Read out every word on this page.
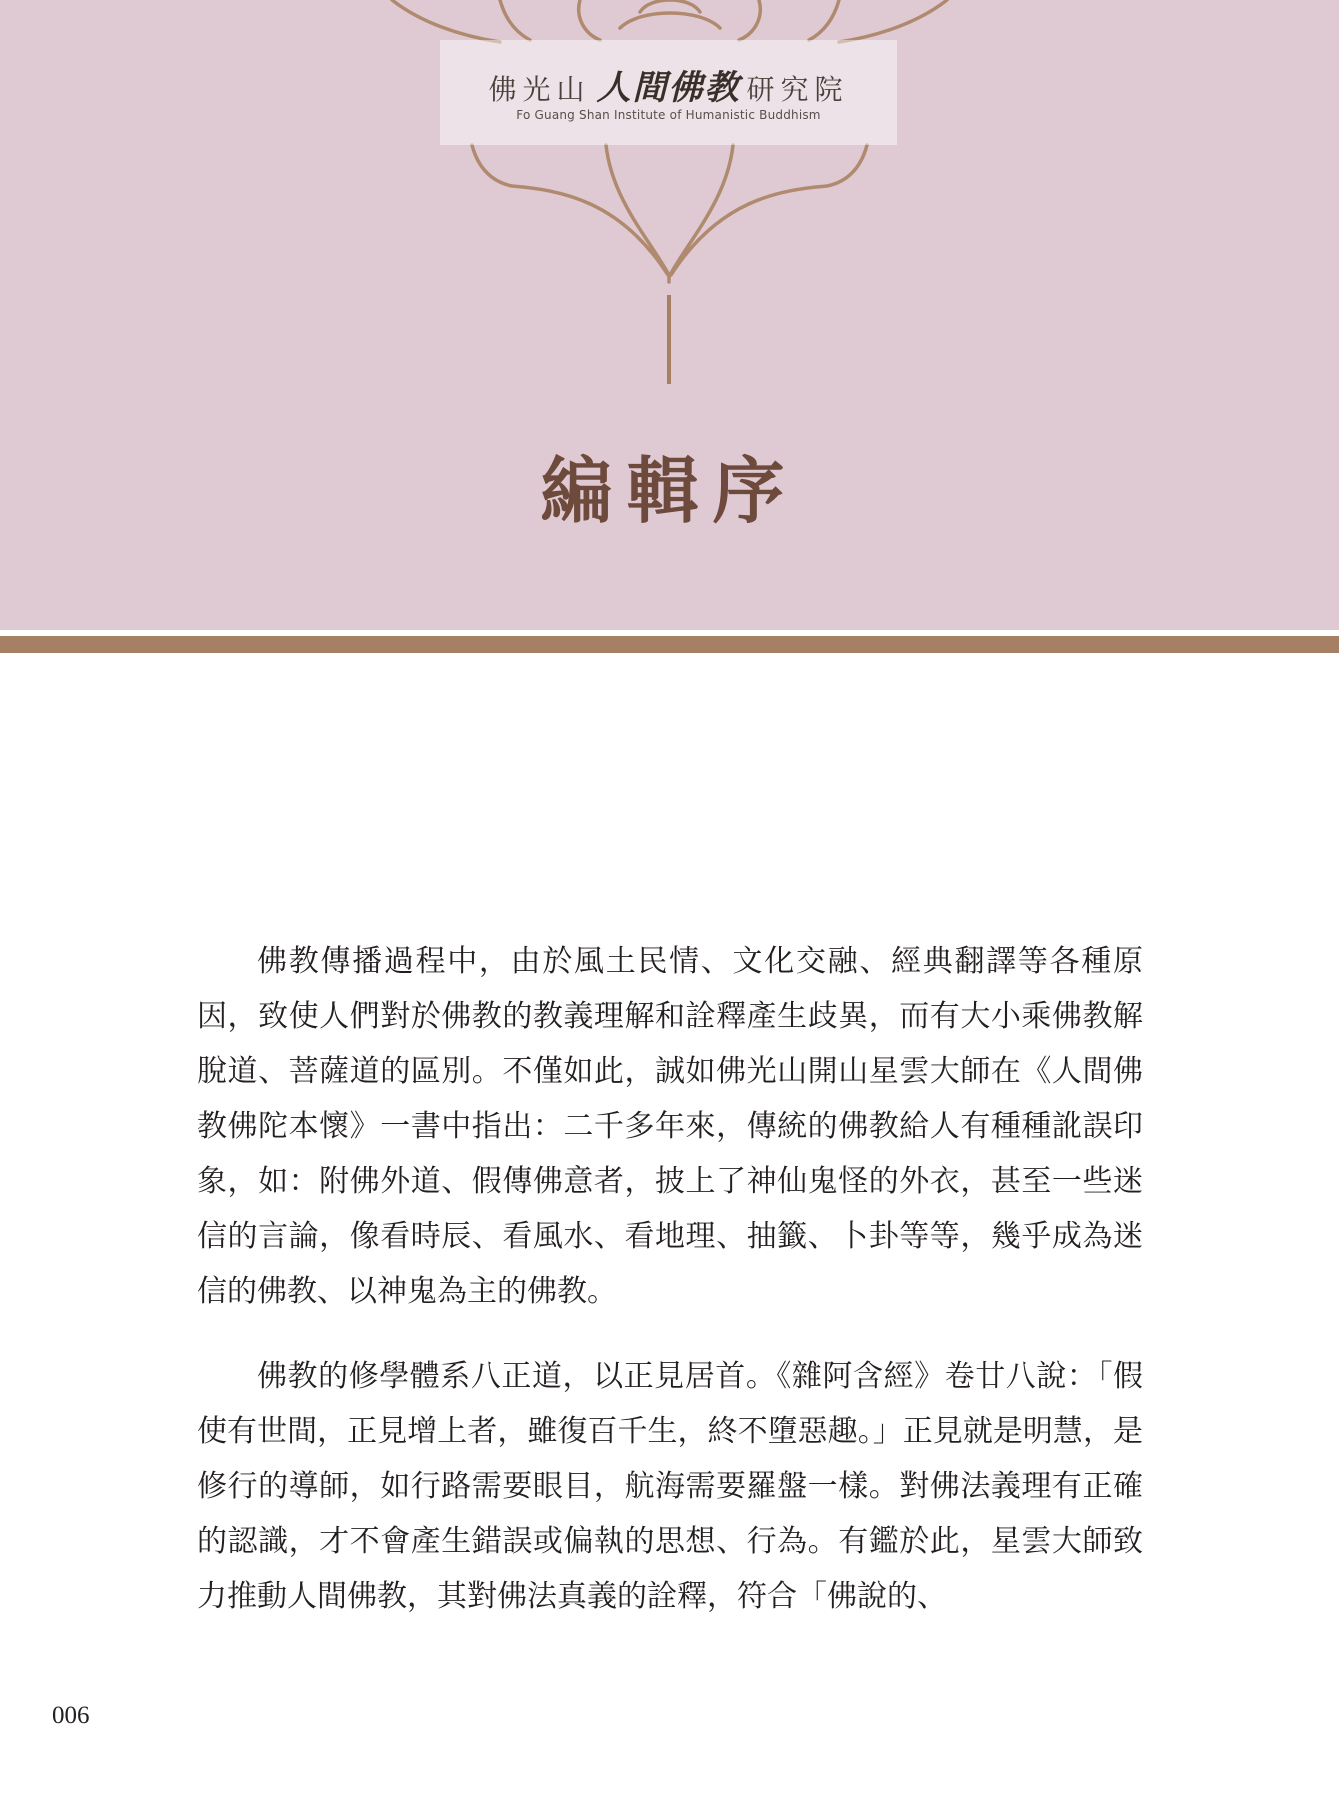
佛光山 人間佛教 研究院
Fo Guang Shan Institute of Humanistic Buddhism
編輯序

佛教傳播過程中，由於風土民情、文化交融、經典翻譯等各種原因，致使人們對於佛教的教義理解和詮釋產生歧異，而有大小乘佛教解脫道、菩薩道的區別。不僅如此，誠如佛光山開山星雲大師在《人間佛教佛陀本懷》一書中指出：二千多年來，傳統的佛教給人有種種訛誤印象，如：附佛外道、假傳佛意者，披上了神仙鬼怪的外衣，甚至一些迷信的言論，像看時辰、看風水、看地理、抽籤、卜卦等等，幾乎成為迷信的佛教、以神鬼為主的佛教。

佛教的修學體系八正道，以正見居首。《雜阿含經》卷廿八說：「假使有世間，正見增上者，雖復百千生，終不墮惡趣。」正見就是明慧，是修行的導師，如行路需要眼目，航海需要羅盤一樣。對佛法義理有正確的認識，才不會產生錯誤或偏執的思想、行為。有鑑於此，星雲大師致力推動人間佛教，其對佛法真義的詮釋，符合「佛說的、

006
